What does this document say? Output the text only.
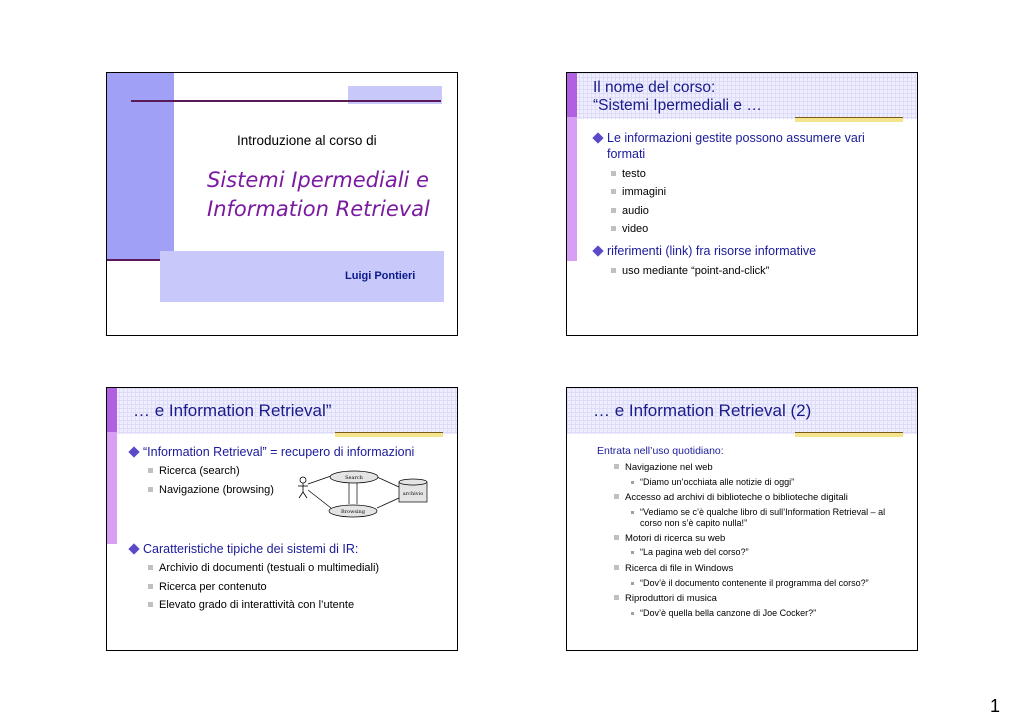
Introduzione al corso di
Sistemi Ipermediali e
Information Retrieval
Luigi Pontieri
Il nome del corso:
“Sistemi Ipermediali e …
Le informazioni gestite possono assumere vari
formati
testo
immagini
audio
video
riferimenti (link) fra risorse informative
uso mediante “point-and-click”
… e Information Retrieval”
“Information Retrieval” = recupero di informazioni
Ricerca (search)
Navigazione (browsing)
Search
Browsing
archivio
Caratteristiche tipiche dei sistemi di IR:
Archivio di documenti (testuali o multimediali)
Ricerca per contenuto
Elevato grado di interattività con l’utente
… e Information Retrieval (2)
Entrata nell’uso quotidiano:
Navigazione nel web
“Diamo un’occhiata alle notizie di oggi”
Accesso ad archivi di biblioteche o biblioteche digitali
“Vediamo se c’è qualche libro di sull’Information Retrieval – al
corso non s’è capito nulla!”
Motori di ricerca su web
“La pagina web del corso?”
Ricerca di file in Windows
“Dov’è il documento contenente il programma del corso?”
Riproduttori di musica
“Dov’è quella bella canzone di Joe Cocker?”
1
